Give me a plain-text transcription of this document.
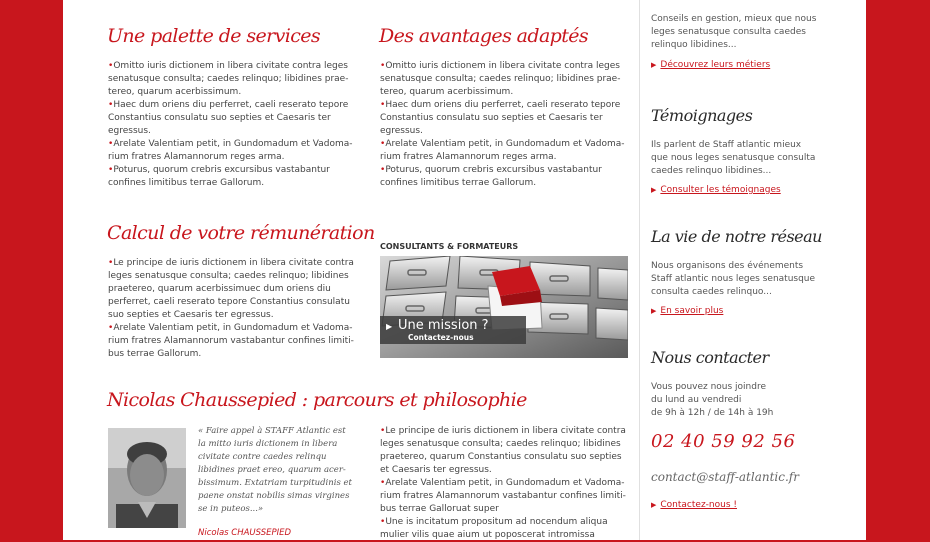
Une palette de services
• Omitto iuris dictionem in libera civitate contra leges senatusque consulta; caedes relinquo; libidines prae-tereo, quarum acerbissimum.
• Haec dum oriens diu perferret, caeli reserato tepore Constantius consulatu suo septies et Caesaris ter egressus.
• Arelate Valentiam petit, in Gundomadum et Vadoma-rium fratres Alamannorum reges arma.
• Poturus, quorum crebris excursibus vastabantur confines limitibus terrae Gallorum.
Des avantages adaptés
• Omitto iuris dictionem in libera civitate contra leges senatusque consulta; caedes relinquo; libidines prae-tereo, quarum acerbissimum.
• Haec dum oriens diu perferret, caeli reserato tepore Constantius consulatu suo septies et Caesaris ter egressus.
• Arelate Valentiam petit, in Gundomadum et Vadoma-rium fratres Alamannorum reges arma.
• Poturus, quorum crebris excursibus vastabantur confines limitibus terrae Gallorum.
Calcul de votre rémunération
• Le principe de iuris dictionem in libera civitate contra leges senatusque consulta; caedes relinquo; libidines praetereo, quarum acerbissimuec dum oriens diu perferret, caeli reserato tepore Constantius consulatu suo septies et Caesaris ter egressus.
• Arelate Valentiam petit, in Gundomadum et Vadoma-rium fratres Alamannorum vastabantur confines limiti-bus terrae Gallorum.
CONSULTANTS & FORMATEURS
Une mission ?
▶
Contactez-nous
Nicolas Chaussepied : parcours et philosophie
« Faire appel à STAFF Atlantic est la mitto iuris dictionem in libera civitate contre caedes relinqu libidines praet ereo, quarum acer-bissimum. Extatriam turpitudinis et paene onstat nobilis simas virgines se in puteos...»
Nicolas CHAUSSEPIED
• Le principe de iuris dictionem in libera civitate contra leges senatusque consulta; caedes relinquo; libidines praetereo, quarum Constantius consulatu suo septies et Caesaris ter egressus.
• Arelate Valentiam petit, in Gundomadum et Vadoma-rium fratres Alamannorum vastabantur confines limiti-bus terrae Galloruat super
• Une is incitatum propositum ad nocendum aliqua mulier vilis quae aium ut poposcerat intromissa
Conseils en gestion, mieux que nous leges senatusque consulta caedes relinquo libidines...
▶ Découvrez leurs métiers
Témoignages
Ils parlent de Staff atlantic mieux que nous leges senatusque consulta caedes relinquo libidines...
▶ Consulter les témoignages
La vie de notre réseau
Nous organisons des événements Staff atlantic nous leges senatusque consulta caedes relinquo...
▶ En savoir plus
Nous contacter
Vous pouvez nous joindre
du lund au vendredi
de 9h à 12h / de 14h à 19h
02 40 59 92 56
contact@staff-atlantic.fr
▶ Contactez-nous !
